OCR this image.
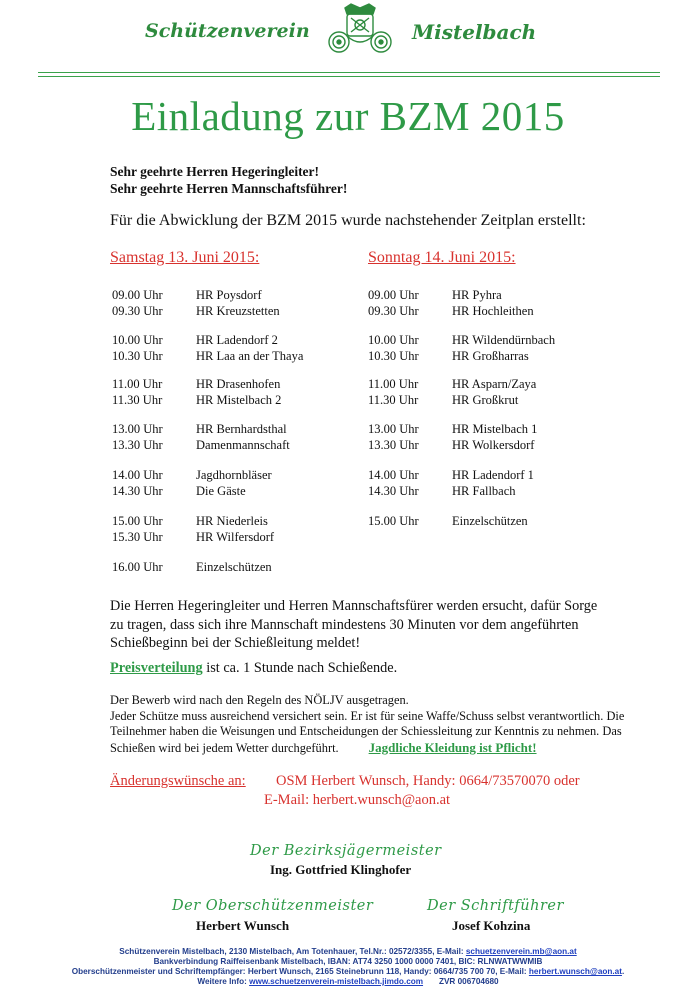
Schützenverein	Mistelbach
Einladung zur BZM 2015
Sehr geehrte Herren Hegeringleiter!
Sehr geehrte Herren Mannschaftsführer!
Für die Abwicklung der BZM 2015 wurde nachstehender Zeitplan erstellt:
Samstag 13. Juni 2015:	Sonntag 14. Juni 2015:
09.00 Uhr	HR Poysdorf
09.30 Uhr	HR Kreuzstetten
10.00 Uhr	HR Ladendorf 2
10.30 Uhr	HR Laa an der Thaya
11.00 Uhr	HR Drasenhofen
11.30 Uhr	HR Mistelbach 2
13.00 Uhr	HR Bernhardsthal
13.30 Uhr	Damenmannschaft
14.00 Uhr	Jagdhornbläser
14.30 Uhr	Die Gäste
15.00 Uhr	HR Niederleis
15.30 Uhr	HR Wilfersdorf
16.00 Uhr	Einzelschützen
09.00 Uhr	HR Pyhra
09.30 Uhr	HR Hochleithen
10.00 Uhr	HR Wildendürnbach
10.30 Uhr	HR Großharras
11.00 Uhr	HR Asparn/Zaya
11.30 Uhr	HR Großkrut
13.00 Uhr	HR Mistelbach 1
13.30 Uhr	HR Wolkersdorf
14.00 Uhr	HR Ladendorf 1
14.30 Uhr	HR Fallbach
15.00 Uhr	Einzelschützen
Die Herren Hegeringleiter und Herren Mannschaftsfürer werden ersucht, dafür Sorge
zu tragen, dass sich ihre Mannschaft mindestens 30 Minuten vor dem angeführten
Schießbeginn bei der Schießleitung meldet!
Preisverteilung ist ca. 1 Stunde nach Schießende.
Der Bewerb wird nach den Regeln des NÖLJV ausgetragen.
Jeder Schütze muss ausreichend versichert sein. Er ist für seine Waffe/Schuss selbst verantwortlich. Die
Teilnehmer haben die Weisungen und Entscheidungen der Schiessleitung zur Kenntnis zu nehmen. Das
Schießen wird bei jedem Wetter durchgeführt. Jagdliche Kleidung ist Pflicht!
Änderungswünsche an: OSM Herbert Wunsch, Handy: 0664/73570070 oder
E-Mail: herbert.wunsch@aon.at
Der Bezirksjägermeister
Ing. Gottfried Klinghofer
Der Oberschützenmeister
Herbert Wunsch
Der Schriftführer
Josef Kohzina
Schützenverein Mistelbach, 2130 Mistelbach, Am Totenhauer, Tel.Nr.: 02572/3355, E-Mail: schuetzenverein.mb@aon.at
Bankverbindung Raiffeisenbank Mistelbach, IBAN: AT74 3250 1000 0000 7401, BIC: RLNWATWWMIB
Oberschützenmeister und Schriftempfänger: Herbert Wunsch, 2165 Steinebrunn 118, Handy: 0664/735 700 70, E-Mail: herbert.wunsch@aon.at.
Weitere Info: www.schuetzenverein-mistelbach.jimdo.com       ZVR 006704680
